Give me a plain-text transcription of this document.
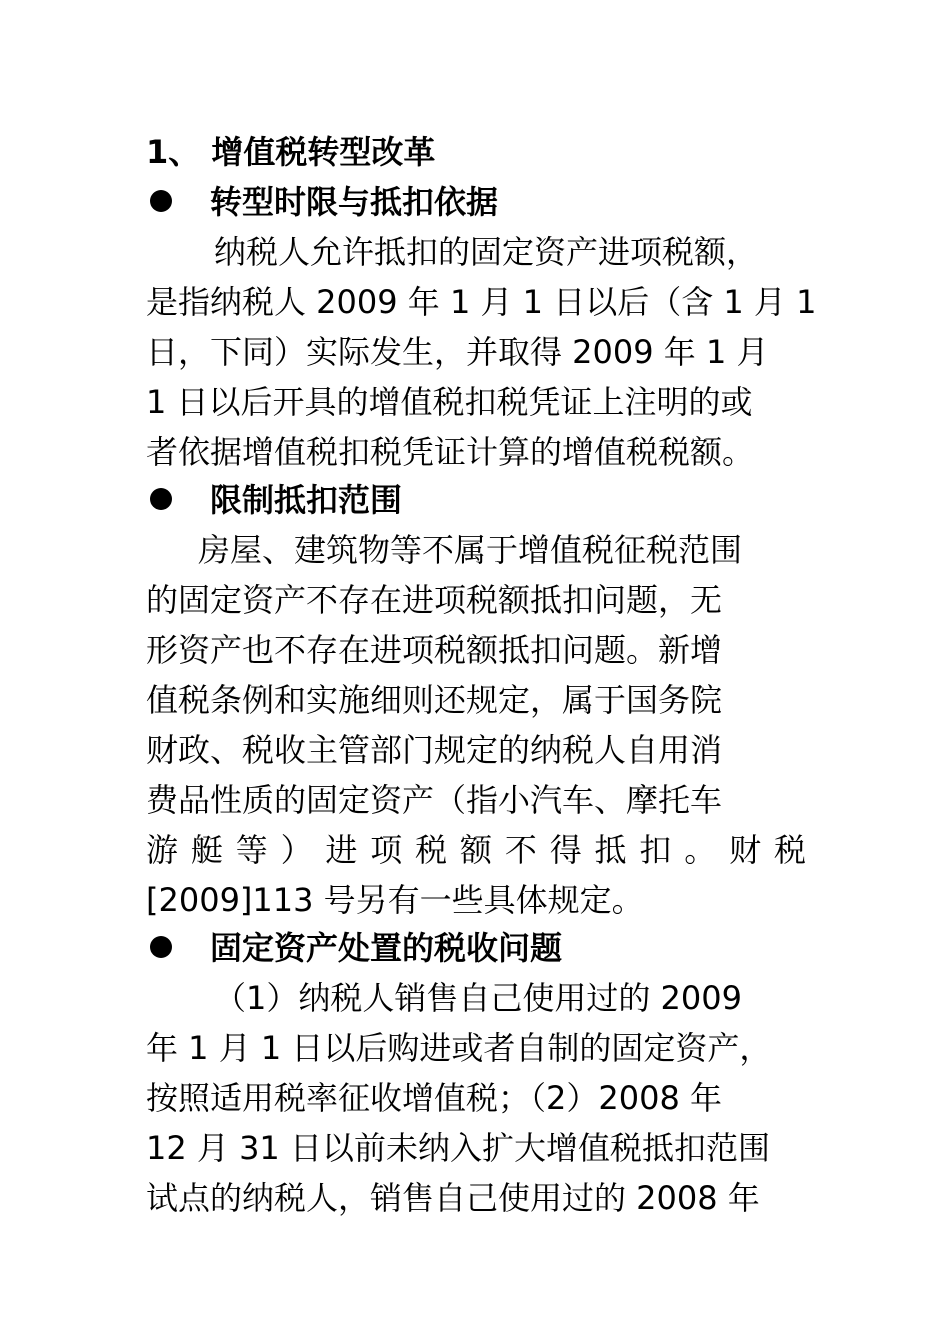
1、 增值税转型改革
转型时限与抵扣依据
纳税人允许抵扣的固定资产进项税额，
是指纳税人 2009 年 1 月 1 日以后（含 1 月 1
日，下同）实际发生，并取得 2009 年 1 月
1 日以后开具的增值税扣税凭证上注明的或
者依据增值税扣税凭证计算的增值税税额。
限制抵扣范围
房屋、建筑物等不属于增值税征税范围
的固定资产不存在进项税额抵扣问题，无
形资产也不存在进项税额抵扣问题。新增
值税条例和实施细则还规定，属于国务院
财政、税收主管部门规定的纳税人自用消
费品性质的固定资产（指小汽车、摩托车
游艇等）进项税额不得抵扣。财税
[2009]113 号另有一些具体规定。
固定资产处置的税收问题
（1）纳税人销售自己使用过的 2009
年 1 月 1 日以后购进或者自制的固定资产，
按照适用税率征收增值税；（2）2008 年
12 月 31 日以前未纳入扩大增值税抵扣范围
试点的纳税人，销售自己使用过的 2008 年
